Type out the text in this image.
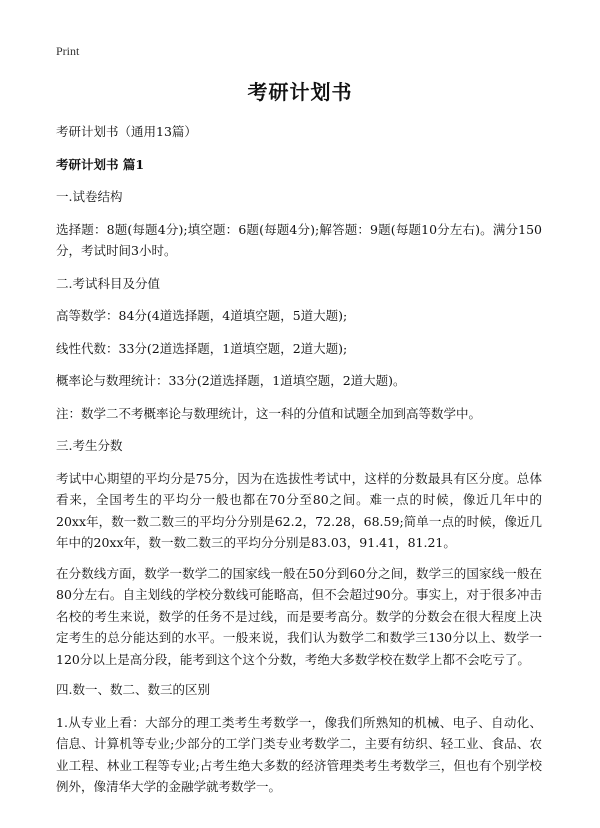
Print
考研计划书

考研计划书（通用13篇）

考研计划书 篇1

一.试卷结构

选择题：8题(每题4分);填空题：6题(每题4分);解答题：9题(每题10分左右)。满分150分，考试时间3小时。

二.考试科目及分值

高等数学：84分(4道选择题，4道填空题，5道大题);

线性代数：33分(2道选择题，1道填空题，2道大题);

概率论与数理统计：33分(2道选择题，1道填空题，2道大题)。

注：数学二不考概率论与数理统计，这一科的分值和试题全加到高等数学中。

三.考生分数

考试中心期望的平均分是75分，因为在选拔性考试中，这样的分数最具有区分度。总体看来，全国考生的平均分一般也都在70分至80之间。难一点的时候，像近几年中的20xx年，数一数二数三的平均分分别是62.2，72.28，68.59;简单一点的时候，像近几年中的20xx年，数一数二数三的平均分分别是83.03，91.41，81.21。

在分数线方面，数学一数学二的国家线一般在50分到60分之间，数学三的国家线一般在80分左右。自主划线的学校分数线可能略高，但不会超过90分。事实上，对于很多冲击名校的考生来说，数学的任务不是过线，而是要考高分。数学的分数会在很大程度上决定考生的总分能达到的水平。一般来说，我们认为数学二和数学三130分以上、数学一120分以上是高分段，能考到这个这个分数，考绝大多数学校在数学上都不会吃亏了。

四.数一、数二、数三的区别

1.从专业上看：大部分的理工类考生考数学一，像我们所熟知的机械、电子、自动化、信息、计算机等专业;少部分的工学门类专业考数学二，主要有纺织、轻工业、食品、农业工程、林业工程等专业;占考生绝大多数的经济管理类考生考数学三，但也有个别学校例外，像清华大学的金融学就考数学一。
